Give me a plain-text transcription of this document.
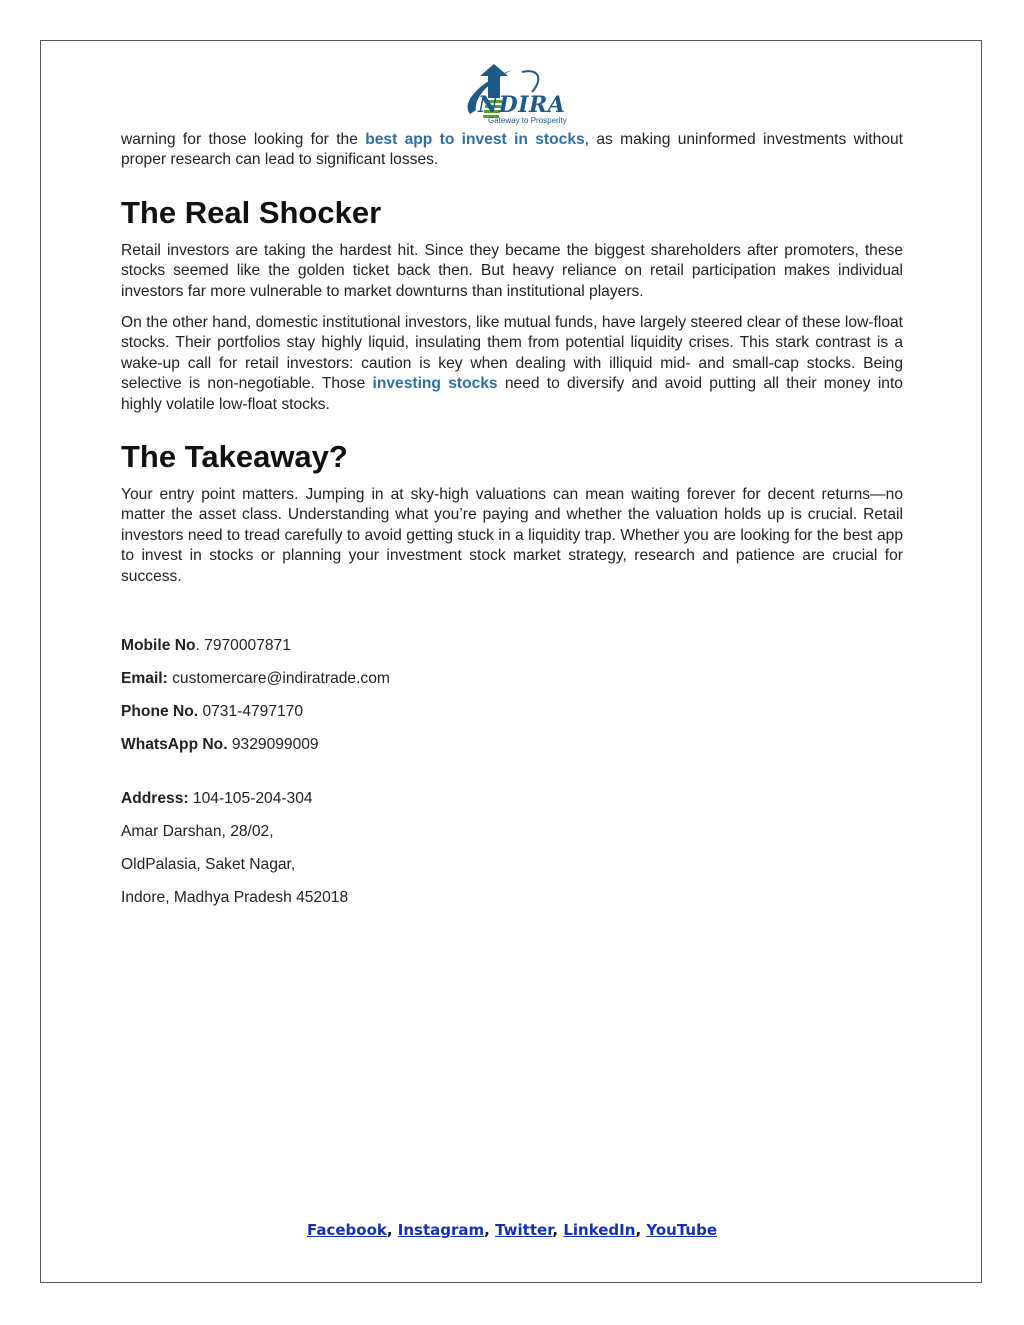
NDIRA
Gateway to Prosperity

warning for those looking for the best app to invest in stocks, as making uninformed investments without proper research can lead to significant losses.

The Real Shocker

Retail investors are taking the hardest hit. Since they became the biggest shareholders after promoters, these stocks seemed like the golden ticket back then. But heavy reliance on retail participation makes individual investors far more vulnerable to market downturns than institutional players.

On the other hand, domestic institutional investors, like mutual funds, have largely steered clear of these low-float stocks. Their portfolios stay highly liquid, insulating them from potential liquidity crises. This stark contrast is a wake-up call for retail investors: caution is key when dealing with illiquid mid- and small-cap stocks. Being selective is non-negotiable. Those investing stocks need to diversify and avoid putting all their money into highly volatile low-float stocks.

The Takeaway?

Your entry point matters. Jumping in at sky-high valuations can mean waiting forever for decent returns—no matter the asset class. Understanding what you’re paying and whether the valuation holds up is crucial. Retail investors need to tread carefully to avoid getting stuck in a liquidity trap. Whether you are looking for the best app to invest in stocks or planning your investment stock market strategy, research and patience are crucial for success.

Mobile No. 7970007871
Email: customercare@indiratrade.com
Phone No. 0731-4797170
WhatsApp No. 9329099009
Address: 104-105-204-304
Amar Darshan, 28/02,
OldPalasia, Saket Nagar,
Indore, Madhya Pradesh 452018
Facebook, Instagram, Twitter, LinkedIn, YouTube
